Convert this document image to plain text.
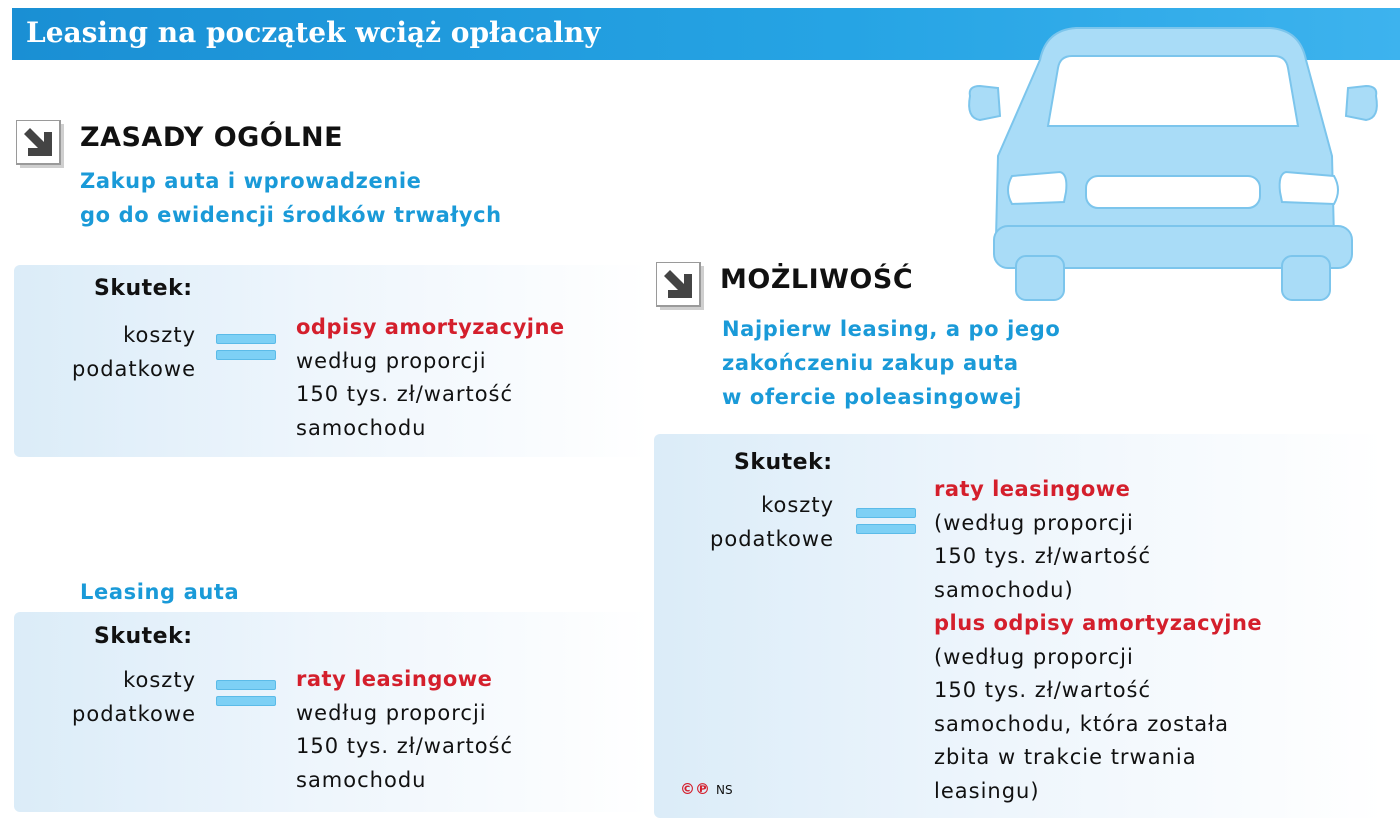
Leasing na początek wciąż opłacalny
ZASADY OGÓLNE
Zakup auta i wprowadzenie
go do ewidencji środków trwałych
Skutek:
koszty
podatkowe
odpisy amortyzacyjne
według proporcji
150 tys. zł/wartość
samochodu
Leasing auta
Skutek:
koszty
podatkowe
raty leasingowe
według proporcji
150 tys. zł/wartość
samochodu
MOŻLIWOŚĆ
Najpierw leasing, a po jego
zakończeniu zakup auta
w ofercie poleasingowej
Skutek:
koszty
podatkowe
raty leasingowe
(według proporcji
150 tys. zł/wartość
samochodu)
plus odpisy amortyzacyjne
(według proporcji
150 tys. zł/wartość
samochodu, która została
zbita w trakcie trwania
leasingu)
©℗ NS
